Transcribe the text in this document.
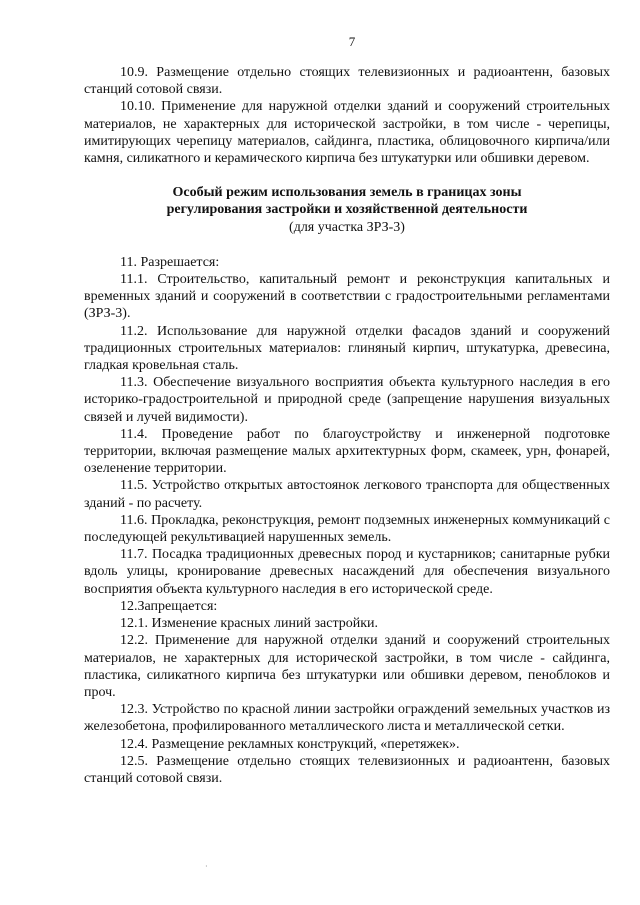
7

10.9. Размещение отдельно стоящих телевизионных и радиоантенн, базовых станций сотовой связи.

10.10. Применение для наружной отделки зданий и сооружений строительных материалов, не характерных для исторической застройки, в том числе - черепицы, имитирующих черепицу материалов, сайдинга, пластика, облицовочного кирпича/или камня, силикатного и керамического кирпича без штукатурки или обшивки деревом.

Особый режим использования земель в границах зоны
регулирования застройки и хозяйственной деятельности
(для участка ЗРЗ-3)

11. Разрешается:

11.1. Строительство, капитальный ремонт и реконструкция капитальных и временных зданий и сооружений в соответствии с градостроительными регламентами (ЗРЗ-3).

11.2. Использование для наружной отделки фасадов зданий и сооружений традиционных строительных материалов: глиняный кирпич, штукатурка, древесина, гладкая кровельная сталь.

11.3. Обеспечение визуального восприятия объекта культурного наследия в его историко-градостроительной и природной среде (запрещение нарушения визуальных связей и лучей видимости).

11.4. Проведение работ по благоустройству и инженерной подготовке территории, включая размещение малых архитектурных форм, скамеек, урн, фонарей, озеленение территории.

11.5. Устройство открытых автостоянок легкового транспорта для общественных зданий - по расчету.

11.6. Прокладка, реконструкция, ремонт подземных инженерных коммуникаций с последующей рекультивацией нарушенных земель.

11.7. Посадка традиционных древесных пород и кустарников; санитарные рубки вдоль улицы, кронирование древесных насаждений для обеспечения визуального восприятия объекта культурного наследия в его исторической среде.

12.Запрещается:

12.1. Изменение красных линий застройки.

12.2. Применение для наружной отделки зданий и сооружений строительных материалов, не характерных для исторической застройки, в том числе - сайдинга, пластика, силикатного кирпича без штукатурки или обшивки деревом, пеноблоков и проч.

12.3. Устройство по красной линии застройки ограждений земельных участков из железобетона, профилированного металлического листа и металлической сетки.

12.4. Размещение рекламных конструкций, «перетяжек».

12.5. Размещение отдельно стоящих телевизионных и радиоантенн, базовых станций сотовой связи.

·
